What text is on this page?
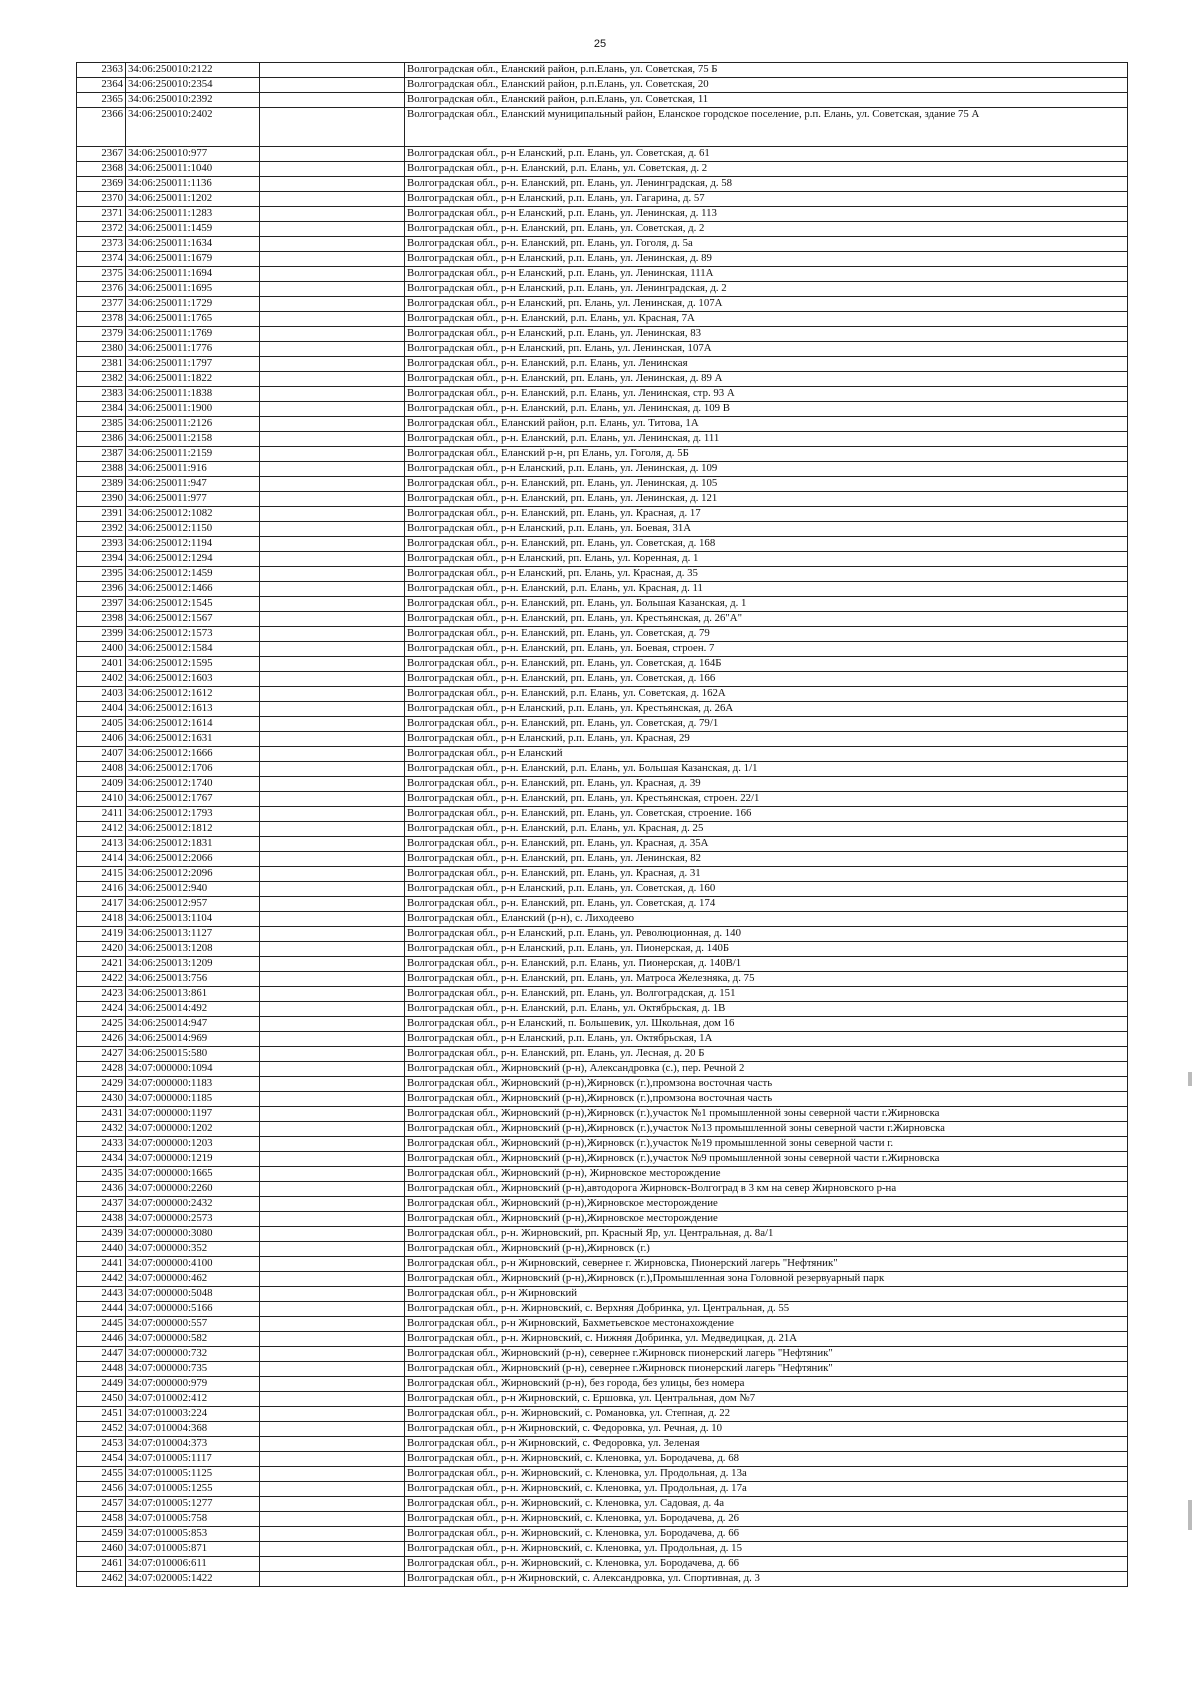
25
2363	34:06:250010:2122		Волгоградская обл., Еланский район, р.п.Елань, ул. Советская, 75 Б
2364	34:06:250010:2354		Волгоградская обл., Еланский район, р.п.Елань, ул. Советская, 20
2365	34:06:250010:2392		Волгоградская обл., Еланский район, р.п.Елань, ул. Советская, 11
2366	34:06:250010:2402		Волгоградская обл., Еланский муниципальный район, Еланское городское поселение, р.п. Елань, ул. Советская, здание 75 А
2367	34:06:250010:977		Волгоградская обл., р-н Еланский, р.п. Елань, ул. Советская, д. 61
2368	34:06:250011:1040		Волгоградская обл., р-н. Еланский, р.п. Елань, ул. Советская, д. 2
2369	34:06:250011:1136		Волгоградская обл., р-н. Еланский, рп. Елань, ул. Ленинградская, д. 58
2370	34:06:250011:1202		Волгоградская обл., р-н Еланский, р.п. Елань, ул. Гагарина, д. 57
2371	34:06:250011:1283		Волгоградская обл., р-н Еланский, р.п. Елань, ул. Ленинская, д. 113
2372	34:06:250011:1459		Волгоградская обл., р-н. Еланский, рп. Елань, ул. Советская, д. 2
2373	34:06:250011:1634		Волгоградская обл., р-н. Еланский, рп. Елань, ул. Гоголя, д. 5а
2374	34:06:250011:1679		Волгоградская обл., р-н Еланский, р.п. Елань, ул. Ленинская, д. 89
2375	34:06:250011:1694		Волгоградская обл., р-н Еланский, р.п. Елань, ул. Ленинская, 111А
2376	34:06:250011:1695		Волгоградская обл., р-н Еланский, р.п. Елань, ул. Ленинградская, д. 2
2377	34:06:250011:1729		Волгоградская обл., р-н Еланский, рп. Елань, ул. Ленинская, д. 107А
2378	34:06:250011:1765		Волгоградская обл., р-н. Еланский, р.п. Елань, ул. Красная, 7А
2379	34:06:250011:1769		Волгоградская обл., р-н Еланский, р.п. Елань, ул. Ленинская, 83
2380	34:06:250011:1776		Волгоградская обл., р-н Еланский, рп. Елань, ул. Ленинская, 107А
2381	34:06:250011:1797		Волгоградская обл., р-н. Еланский, р.п. Елань, ул. Ленинская
2382	34:06:250011:1822		Волгоградская обл., р-н. Еланский, рп. Елань, ул. Ленинская, д. 89 А
2383	34:06:250011:1838		Волгоградская обл., р-н. Еланский, р.п. Елань, ул. Ленинская, стр. 93 А
2384	34:06:250011:1900		Волгоградская обл., р-н. Еланский, р.п. Елань, ул. Ленинская, д. 109 В
2385	34:06:250011:2126		Волгоградская обл., Еланский район, р.п. Елань, ул. Титова, 1А
2386	34:06:250011:2158		Волгоградская обл., р-н. Еланский, р.п. Елань, ул. Ленинская, д. 111
2387	34:06:250011:2159		Волгоградская обл., Еланский р-н, рп Елань, ул. Гоголя, д. 5Б
2388	34:06:250011:916		Волгоградская обл., р-н Еланский, р.п. Елань, ул. Ленинская, д. 109
2389	34:06:250011:947		Волгоградская обл., р-н. Еланский, рп. Елань, ул. Ленинская, д. 105
2390	34:06:250011:977		Волгоградская обл., р-н. Еланский, рп. Елань, ул. Ленинская, д. 121
2391	34:06:250012:1082		Волгоградская обл., р-н. Еланский, рп. Елань, ул. Красная, д. 17
2392	34:06:250012:1150		Волгоградская обл., р-н Еланский, р.п. Елань, ул. Боевая, 31А
2393	34:06:250012:1194		Волгоградская обл., р-н. Еланский, рп. Елань, ул. Советская, д. 168
2394	34:06:250012:1294		Волгоградская обл., р-н Еланский, рп. Елань, ул. Коренная, д. 1
2395	34:06:250012:1459		Волгоградская обл., р-н Еланский, рп. Елань, ул. Красная, д. 35
2396	34:06:250012:1466		Волгоградская обл., р-н. Еланский, р.п. Елань, ул. Красная, д. 11
2397	34:06:250012:1545		Волгоградская обл., р-н. Еланский, рп. Елань, ул. Большая Казанская, д. 1
2398	34:06:250012:1567		Волгоградская обл., р-н. Еланский, рп. Елань, ул. Крестьянская, д. 26"А"
2399	34:06:250012:1573		Волгоградская обл., р-н. Еланский, рп. Елань, ул. Советская, д. 79
2400	34:06:250012:1584		Волгоградская обл., р-н. Еланский, рп. Елань, ул. Боевая, строен. 7
2401	34:06:250012:1595		Волгоградская обл., р-н. Еланский, рп. Елань, ул. Советская, д. 164Б
2402	34:06:250012:1603		Волгоградская обл., р-н. Еланский, рп. Елань, ул. Советская, д. 166
2403	34:06:250012:1612		Волгоградская обл., р-н. Еланский, р.п. Елань, ул. Советская, д. 162А
2404	34:06:250012:1613		Волгоградская обл., р-н Еланский, р.п. Елань, ул. Крестьянская, д. 26А
2405	34:06:250012:1614		Волгоградская обл., р-н. Еланский, рп. Елань, ул. Советская, д. 79/1
2406	34:06:250012:1631		Волгоградская обл., р-н Еланский, р.п. Елань, ул. Красная, 29
2407	34:06:250012:1666		Волгоградская обл., р-н Еланский
2408	34:06:250012:1706		Волгоградская обл., р-н. Еланский, р.п. Елань, ул. Большая Казанская, д. 1/1
2409	34:06:250012:1740		Волгоградская обл., р-н. Еланский, рп. Елань, ул. Красная, д. 39
2410	34:06:250012:1767		Волгоградская обл., р-н. Еланский, рп. Елань, ул. Крестьянская, строен. 22/1
2411	34:06:250012:1793		Волгоградская обл., р-н. Еланский, рп. Елань, ул. Советская, строение. 166
2412	34:06:250012:1812		Волгоградская обл., р-н. Еланский, р.п. Елань, ул. Красная, д. 25
2413	34:06:250012:1831		Волгоградская обл., р-н. Еланский, рп. Елань, ул. Красная, д. 35А
2414	34:06:250012:2066		Волгоградская обл., р-н. Еланский, рп. Елань, ул. Ленинская, 82
2415	34:06:250012:2096		Волгоградская обл., р-н. Еланский, рп. Елань, ул. Красная, д. 31
2416	34:06:250012:940		Волгоградская обл., р-н Еланский, р.п. Елань, ул. Советская, д. 160
2417	34:06:250012:957		Волгоградская обл., р-н. Еланский, рп. Елань, ул. Советская, д. 174
2418	34:06:250013:1104		Волгоградская обл., Еланский (р-н), с. Лиходеево
2419	34:06:250013:1127		Волгоградская обл., р-н Еланский, р.п. Елань, ул. Революционная, д. 140
2420	34:06:250013:1208		Волгоградская обл., р-н Еланский, р.п. Елань, ул. Пионерская, д. 140Б
2421	34:06:250013:1209		Волгоградская обл., р-н. Еланский, р.п. Елань, ул. Пионерская, д. 140В/1
2422	34:06:250013:756		Волгоградская обл., р-н. Еланский, рп. Елань, ул. Матроса Железняка, д. 75
2423	34:06:250013:861		Волгоградская обл., р-н. Еланский, рп. Елань, ул. Волгоградская, д. 151
2424	34:06:250014:492		Волгоградская обл., р-н. Еланский, р.п. Елань, ул. Октябрьская, д. 1В
2425	34:06:250014:947		Волгоградская обл., р-н Еланский, п. Большевик, ул. Школьная, дом 16
2426	34:06:250014:969		Волгоградская обл., р-н Еланский, р.п. Елань, ул. Октябрьская, 1А
2427	34:06:250015:580		Волгоградская обл., р-н. Еланский, рп. Елань, ул. Лесная, д. 20 Б
2428	34:07:000000:1094		Волгоградская обл., Жирновский (р-н), Александровка (с.), пер. Речной 2
2429	34:07:000000:1183		Волгоградская обл., Жирновский (р-н),Жирновск (г.),промзона восточная часть
2430	34:07:000000:1185		Волгоградская обл., Жирновский (р-н),Жирновск (г.),промзона восточная часть
2431	34:07:000000:1197		Волгоградская обл., Жирновский (р-н),Жирновск (г.),участок №1 промышленной зоны северной части г.Жирновска
2432	34:07:000000:1202		Волгоградская обл., Жирновский (р-н),Жирновск (г.),участок №13 промышленной зоны северной части г.Жирновска
2433	34:07:000000:1203		Волгоградская обл., Жирновский (р-н),Жирновск (г.),участок №19 промышленной зоны северной части г.
2434	34:07:000000:1219		Волгоградская обл., Жирновский (р-н),Жирновск (г.),участок №9 промышленной зоны северной части г.Жирновска
2435	34:07:000000:1665		Волгоградская обл., Жирновский (р-н), Жирновское месторождение
2436	34:07:000000:2260		Волгоградская обл., Жирновский (р-н),автодорога Жирновск-Волгоград в 3 км на север Жирновского р-на
2437	34:07:000000:2432		Волгоградская обл., Жирновский (р-н),Жирновское месторождение
2438	34:07:000000:2573		Волгоградская обл., Жирновский (р-н),Жирновское месторождение
2439	34:07:000000:3080		Волгоградская обл., р-н. Жирновский, рп. Красный Яр, ул. Центральная, д. 8а/1
2440	34:07:000000:352		Волгоградская обл., Жирновский (р-н),Жирновск (г.)
2441	34:07:000000:4100		Волгоградская обл., р-н Жирновский, севернее г. Жирновска, Пионерский лагерь "Нефтяник"
2442	34:07:000000:462		Волгоградская обл., Жирновский (р-н),Жирновск (г.),Промышленная зона Головной резервуарный парк
2443	34:07:000000:5048		Волгоградская обл., р-н Жирновский
2444	34:07:000000:5166		Волгоградская обл., р-н. Жирновский, с. Верхняя Добринка, ул. Центральная, д. 55
2445	34:07:000000:557		Волгоградская обл., р-н Жирновский, Бахметьевское местонахождение
2446	34:07:000000:582		Волгоградская обл., р-н. Жирновский, с. Нижняя Добринка, ул. Медведицкая, д. 21А
2447	34:07:000000:732		Волгоградская обл., Жирновский (р-н), севернее г.Жирновск пионерский лагерь "Нефтяник"
2448	34:07:000000:735		Волгоградская обл., Жирновский (р-н), севернее г.Жирновск пионерский лагерь "Нефтяник"
2449	34:07:000000:979		Волгоградская обл., Жирновский (р-н), без города, без улицы, без номера
2450	34:07:010002:412		Волгоградская обл., р-н Жирновский, с. Ершовка, ул. Центральная, дом №7
2451	34:07:010003:224		Волгоградская обл., р-н. Жирновский, с. Романовка, ул. Степная, д. 22
2452	34:07:010004:368		Волгоградская обл., р-н Жирновский, с. Федоровка, ул. Речная, д. 10
2453	34:07:010004:373		Волгоградская обл., р-н Жирновский, с. Федоровка, ул. Зеленая
2454	34:07:010005:1117		Волгоградская обл., р-н. Жирновский, с. Кленовка, ул. Бородачева, д. 68
2455	34:07:010005:1125		Волгоградская обл., р-н. Жирновский, с. Кленовка, ул. Продольная, д. 13а
2456	34:07:010005:1255		Волгоградская обл., р-н. Жирновский, с. Кленовка, ул. Продольная, д. 17а
2457	34:07:010005:1277		Волгоградская обл., р-н. Жирновский, с. Кленовка, ул. Садовая, д. 4а
2458	34:07:010005:758		Волгоградская обл., р-н. Жирновский, с. Кленовка, ул. Бородачева, д. 26
2459	34:07:010005:853		Волгоградская обл., р-н. Жирновский, с. Кленовка, ул. Бородачева, д. 66
2460	34:07:010005:871		Волгоградская обл., р-н. Жирновский, с. Кленовка, ул. Продольная, д. 15
2461	34:07:010006:611		Волгоградская обл., р-н. Жирновский, с. Кленовка, ул. Бородачева, д. 66
2462	34:07:020005:1422		Волгоградская обл., р-н Жирновский, с. Александровка, ул. Спортивная, д. 3
